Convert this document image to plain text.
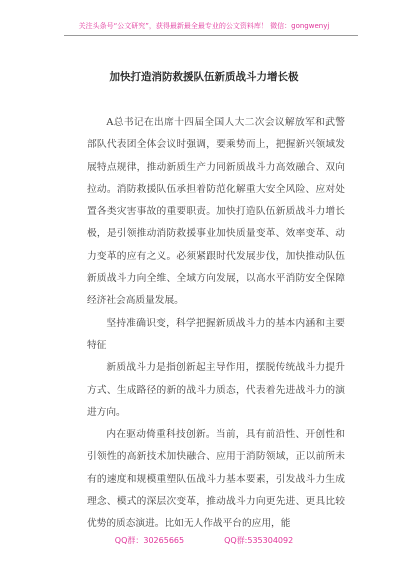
关注头条号“公文研究”，获得最新最全最专业的公文资料库！ 微信：gongwenyj
加快打造消防救援队伍新质战斗力增长极

A总书记在出席十四届全国人大二次会议解放军和武警部队代表团全体会议时强调，要乘势而上，把握新兴领域发展特点规律，推动新质生产力同新质战斗力高效融合、双向拉动。消防救援队伍承担着防范化解重大安全风险、应对处置各类灾害事故的重要职责。加快打造队伍新质战斗力增长极，是引领推动消防救援事业加快质量变革、效率变革、动力变革的应有之义。必须紧跟时代发展步伐，加快推动队伍新质战斗力向全维、全域方向发展，以高水平消防安全保障经济社会高质量发展。

坚持准确识变，科学把握新质战斗力的基本内涵和主要特征

新质战斗力是指创新起主导作用，摆脱传统战斗力提升方式、生成路径的新的战斗力质态，代表着先进战斗力的演进方向。

内在驱动倚重科技创新。当前，具有前沿性、开创性和引领性的高新技术加快融合、应用于消防领域，正以前所未有的速度和规模重塑队伍战斗力基本要素，引发战斗力生成理念、模式的深层次变革，推动战斗力向更先进、更具比较优势的质态演进。比如无人作战平台的应用，能

QQ群：30265665	QQ群:535304092
